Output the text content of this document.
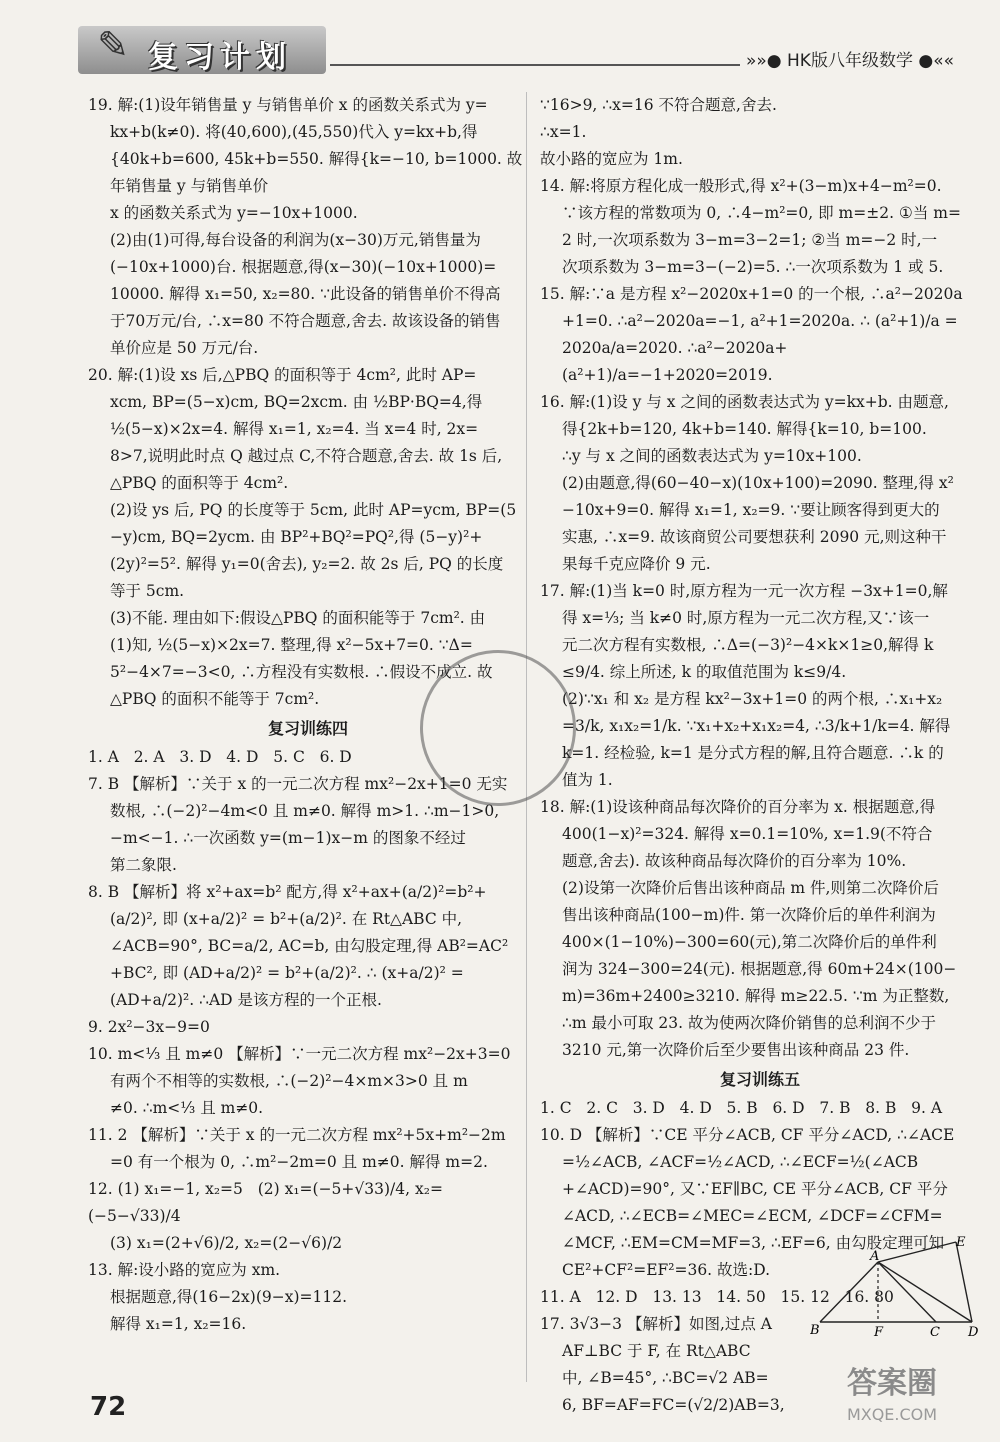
✎ 复习计划	»»● HK版八年级数学 ●««
19. 解:(1)设年销售量 y 与销售单价 x 的函数关系式为 y=
kx+b(k≠0). 将(40,600),(45,550)代入 y=kx+b,得
{40k+b=600, 45k+b=550. 解得{k=−10, b=1000. 故年销售量 y 与销售单价
x 的函数关系式为 y=−10x+1000.
(2)由(1)可得,每台设备的利润为(x−30)万元,销售量为
(−10x+1000)台. 根据题意,得(x−30)(−10x+1000)=
10000. 解得 x₁=50, x₂=80. ∵此设备的销售单价不得高
于70万元/台, ∴x=80 不符合题意,舍去. 故该设备的销售
单价应是 50 万元/台.
20. 解:(1)设 xs 后,△PBQ 的面积等于 4cm², 此时 AP=
xcm, BP=(5−x)cm, BQ=2xcm. 由 ½BP·BQ=4,得
½(5−x)×2x=4. 解得 x₁=1, x₂=4. 当 x=4 时, 2x=
8>7,说明此时点 Q 越过点 C,不符合题意,舍去. 故 1s 后,
△PBQ 的面积等于 4cm².
(2)设 ys 后, PQ 的长度等于 5cm, 此时 AP=ycm, BP=(5
−y)cm, BQ=2ycm. 由 BP²+BQ²=PQ²,得 (5−y)²+
(2y)²=5². 解得 y₁=0(舍去), y₂=2. 故 2s 后, PQ 的长度
等于 5cm.
(3)不能. 理由如下:假设△PBQ 的面积能等于 7cm². 由
(1)知, ½(5−x)×2x=7. 整理,得 x²−5x+7=0. ∵Δ=
5²−4×7=−3<0, ∴方程没有实数根. ∴假设不成立. 故
△PBQ 的面积不能等于 7cm².
复习训练四
1. A   2. A   3. D   4. D   5. C   6. D
7. B 【解析】∵关于 x 的一元二次方程 mx²−2x+1=0 无实
数根, ∴(−2)²−4m<0 且 m≠0. 解得 m>1. ∴m−1>0,
−m<−1. ∴一次函数 y=(m−1)x−m 的图象不经过
第二象限.
8. B 【解析】将 x²+ax=b² 配方,得 x²+ax+(a/2)²=b²+
(a/2)², 即 (x+a/2)² = b²+(a/2)². 在 Rt△ABC 中,
∠ACB=90°, BC=a/2, AC=b, 由勾股定理,得 AB²=AC²
+BC², 即 (AD+a/2)² = b²+(a/2)². ∴ (x+a/2)² =
(AD+a/2)². ∴AD 是该方程的一个正根.
9. 2x²−3x−9=0
10. m<⅓ 且 m≠0 【解析】∵一元二次方程 mx²−2x+3=0
有两个不相等的实数根, ∴(−2)²−4×m×3>0 且 m
≠0. ∴m<⅓ 且 m≠0.
11. 2 【解析】∵关于 x 的一元二次方程 mx²+5x+m²−2m
=0 有一个根为 0, ∴m²−2m=0 且 m≠0. 解得 m=2.
12. (1) x₁=−1, x₂=5   (2) x₁=(−5+√33)/4, x₂=(−5−√33)/4
(3) x₁=(2+√6)/2, x₂=(2−√6)/2
13. 解:设小路的宽应为 xm.
根据题意,得(16−2x)(9−x)=112.
解得 x₁=1, x₂=16.
∵16>9, ∴x=16 不符合题意,舍去.
∴x=1.
故小路的宽应为 1m.
14. 解:将原方程化成一般形式,得 x²+(3−m)x+4−m²=0.
∵该方程的常数项为 0, ∴4−m²=0, 即 m=±2. ①当 m=
2 时,一次项系数为 3−m=3−2=1; ②当 m=−2 时,一
次项系数为 3−m=3−(−2)=5. ∴一次项系数为 1 或 5.
15. 解:∵a 是方程 x²−2020x+1=0 的一个根, ∴a²−2020a
+1=0. ∴a²−2020a=−1, a²+1=2020a. ∴ (a²+1)/a =
2020a/a=2020. ∴a²−2020a+(a²+1)/a=−1+2020=2019.
16. 解:(1)设 y 与 x 之间的函数表达式为 y=kx+b. 由题意,
得{2k+b=120, 4k+b=140. 解得{k=10, b=100.
∴y 与 x 之间的函数表达式为 y=10x+100.
(2)由题意,得(60−40−x)(10x+100)=2090. 整理,得 x²
−10x+9=0. 解得 x₁=1, x₂=9. ∵要让顾客得到更大的
实惠, ∴x=9. 故该商贸公司要想获利 2090 元,则这种干
果每千克应降价 9 元.
17. 解:(1)当 k=0 时,原方程为一元一次方程 −3x+1=0,解
得 x=⅓; 当 k≠0 时,原方程为一元二次方程,又∵该一
元二次方程有实数根, ∴Δ=(−3)²−4×k×1≥0,解得 k
≤9/4. 综上所述, k 的取值范围为 k≤9/4.
(2)∵x₁ 和 x₂ 是方程 kx²−3x+1=0 的两个根, ∴x₁+x₂
=3/k, x₁x₂=1/k. ∵x₁+x₂+x₁x₂=4, ∴3/k+1/k=4. 解得
k=1. 经检验, k=1 是分式方程的解,且符合题意. ∴k 的
值为 1.
18. 解:(1)设该种商品每次降价的百分率为 x. 根据题意,得
400(1−x)²=324. 解得 x=0.1=10%, x=1.9(不符合
题意,舍去). 故该种商品每次降价的百分率为 10%.
(2)设第一次降价后售出该种商品 m 件,则第二次降价后
售出该种商品(100−m)件. 第一次降价后的单件利润为
400×(1−10%)−300=60(元),第二次降价后的单件利
润为 324−300=24(元). 根据题意,得 60m+24×(100−
m)=36m+2400≥3210. 解得 m≥22.5. ∵m 为正整数,
∴m 最小可取 23. 故为使两次降价销售的总利润不少于
3210 元,第一次降价后至少要售出该种商品 23 件.
复习训练五
1. C   2. C   3. D   4. D   5. B   6. D   7. B   8. B   9. A
10. D 【解析】∵CE 平分∠ACB, CF 平分∠ACD, ∴∠ACE
=½∠ACB, ∠ACF=½∠ACD, ∴∠ECF=½(∠ACB
+∠ACD)=90°, 又∵EF∥BC, CE 平分∠ACB, CF 平分
∠ACD, ∴∠ECB=∠MEC=∠ECM, ∠DCF=∠CFM=
∠MCF, ∴EM=CM=MF=3, ∴EF=6, 由勾股定理可知
CE²+CF²=EF²=36. 故选:D.
11. A   12. D   13. 13   14. 50   15. 12   16. 80
17. 3√3−3 【解析】如图,过点 A
AF⊥BC 于 F, 在 Rt△ABC
中, ∠B=45°, ∴BC=√2 AB=
6, BF=AF=FC=(√2/2)AB=3,
A
B	F	C D
E
72
答案圈
MXQE.COM
